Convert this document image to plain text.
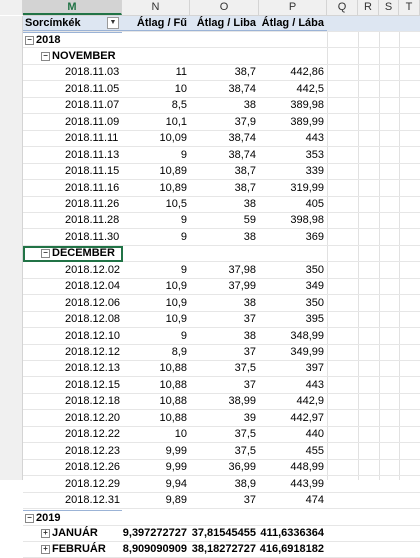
M	N	O	P	Q	R	S	T
Sorcímkék	▼	Átlag / Fű Átlag / Liba Átlag / Lába
− 2018
− NOVEMBER
2018.11.03	11	38,7	442,86
2018.11.05	10	38,74	442,5
2018.11.07	8,5	38	389,98
2018.11.09	10,1	37,9	389,99
2018.11.11	10,09	38,74	443
2018.11.13	9	38,74	353
2018.11.15	10,89	38,7	339
2018.11.16	10,89	38,7	319,99
2018.11.26	10,5	38	405
2018.11.28	9	59	398,98
2018.11.30	9	38	369
− DECEMBER
2018.12.02	9	37,98	350
2018.12.04	10,9	37,99	349
2018.12.06	10,9	38	350
2018.12.08	10,9	37	395
2018.12.10	9	38	348,99
2018.12.12	8,9	37	349,99
2018.12.13	10,88	37,5	397
2018.12.15	10,88	37	443
2018.12.18	10,88	38,99	442,9
2018.12.20	10,88	39	442,97
2018.12.22	10	37,5	440
2018.12.23	9,99	37,5	455
2018.12.26	9,99	36,99	448,99
2018.12.29	9,94	38,9	443,99
2018.12.31	9,89	37	474
− 2019
+ JANUÁR	9,397272727 37,81545455 411,6336364
+ FEBRUÁR	8,909090909 38,18272727 416,6918182
